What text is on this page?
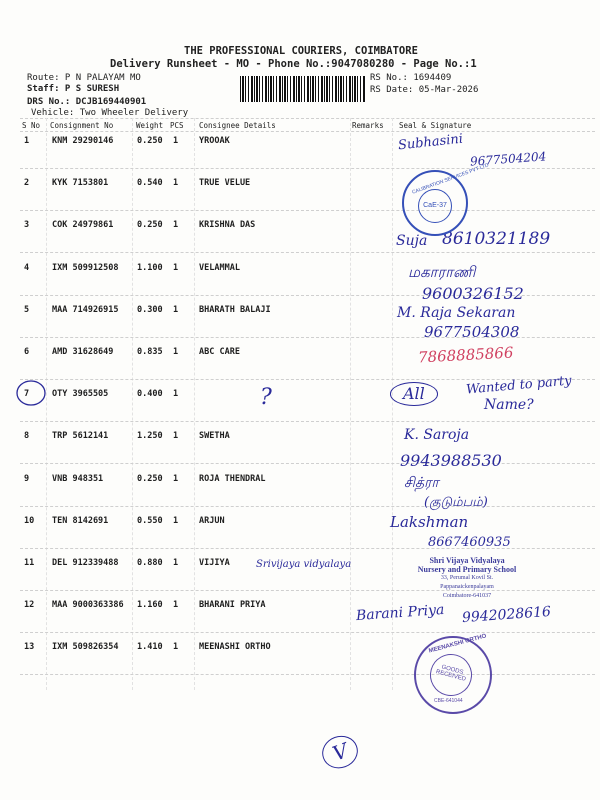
THE PROFESSIONAL COURIERS, COIMBATORE
Delivery Runsheet - MO - Phone No.:9047080280 - Page No.:1
Route: P N PALAYAM MO
Staff: P S SURESH
DRS No.: DCJB169440901
Vehicle: Two Wheeler Delivery
RS No.: 1694409
RS Date: 05-Mar-2026
S No Consignment No	Weight PCS Consignee Details	Remarks Seal & Signature
1	KNM 29290146	0.250 1 YROOAK
2	KYK 7153801	0.540 1 TRUE VELUE
3	COK 24979861	0.250 1 KRISHNA DAS
4	IXM 509912508 1.100 1 VELAMMAL
5	MAA 714926915 0.300 1 BHARATH BALAJI
6	AMD 31628649	0.835 1 ABC CARE
7	OTY 3965505	0.400 1
8	TRP 5612141	1.250 1 SWETHA
9	VNB 948351	0.250 1 ROJA THENDRAL
10 TEN 8142691	0.550 1 ARJUN
11 DEL 912339488 0.880 1 VIJIYA
12 MAA 9000363386 1.160 1 BHARANI PRIYA
13 IXM 509826354 1.410 1 MEENASHI ORTHO
Subhasini
9677504204
Suja 8610321189
மகாராணி
9600326152
M. Raja Sekaran
9677504308
7868885866
?	All	Wanted to party
Name?
K. Saroja
9943988530
சித்ரா
(குடும்பம்)
Lakshman
8667460935
Srivijaya vidyalaya
Barani Priya 9942028616
V
CALIBRATION SERVICES PVT LTD
CaE-37
Shri Vijaya Vidyalaya
Nursery and Primary School
33, Perumal Kovil St.
Pappanaickenpalayam
Coimbatore-641037
MEENAKSHI ORTHO
GOODS RECEIVED
CBE-641044
